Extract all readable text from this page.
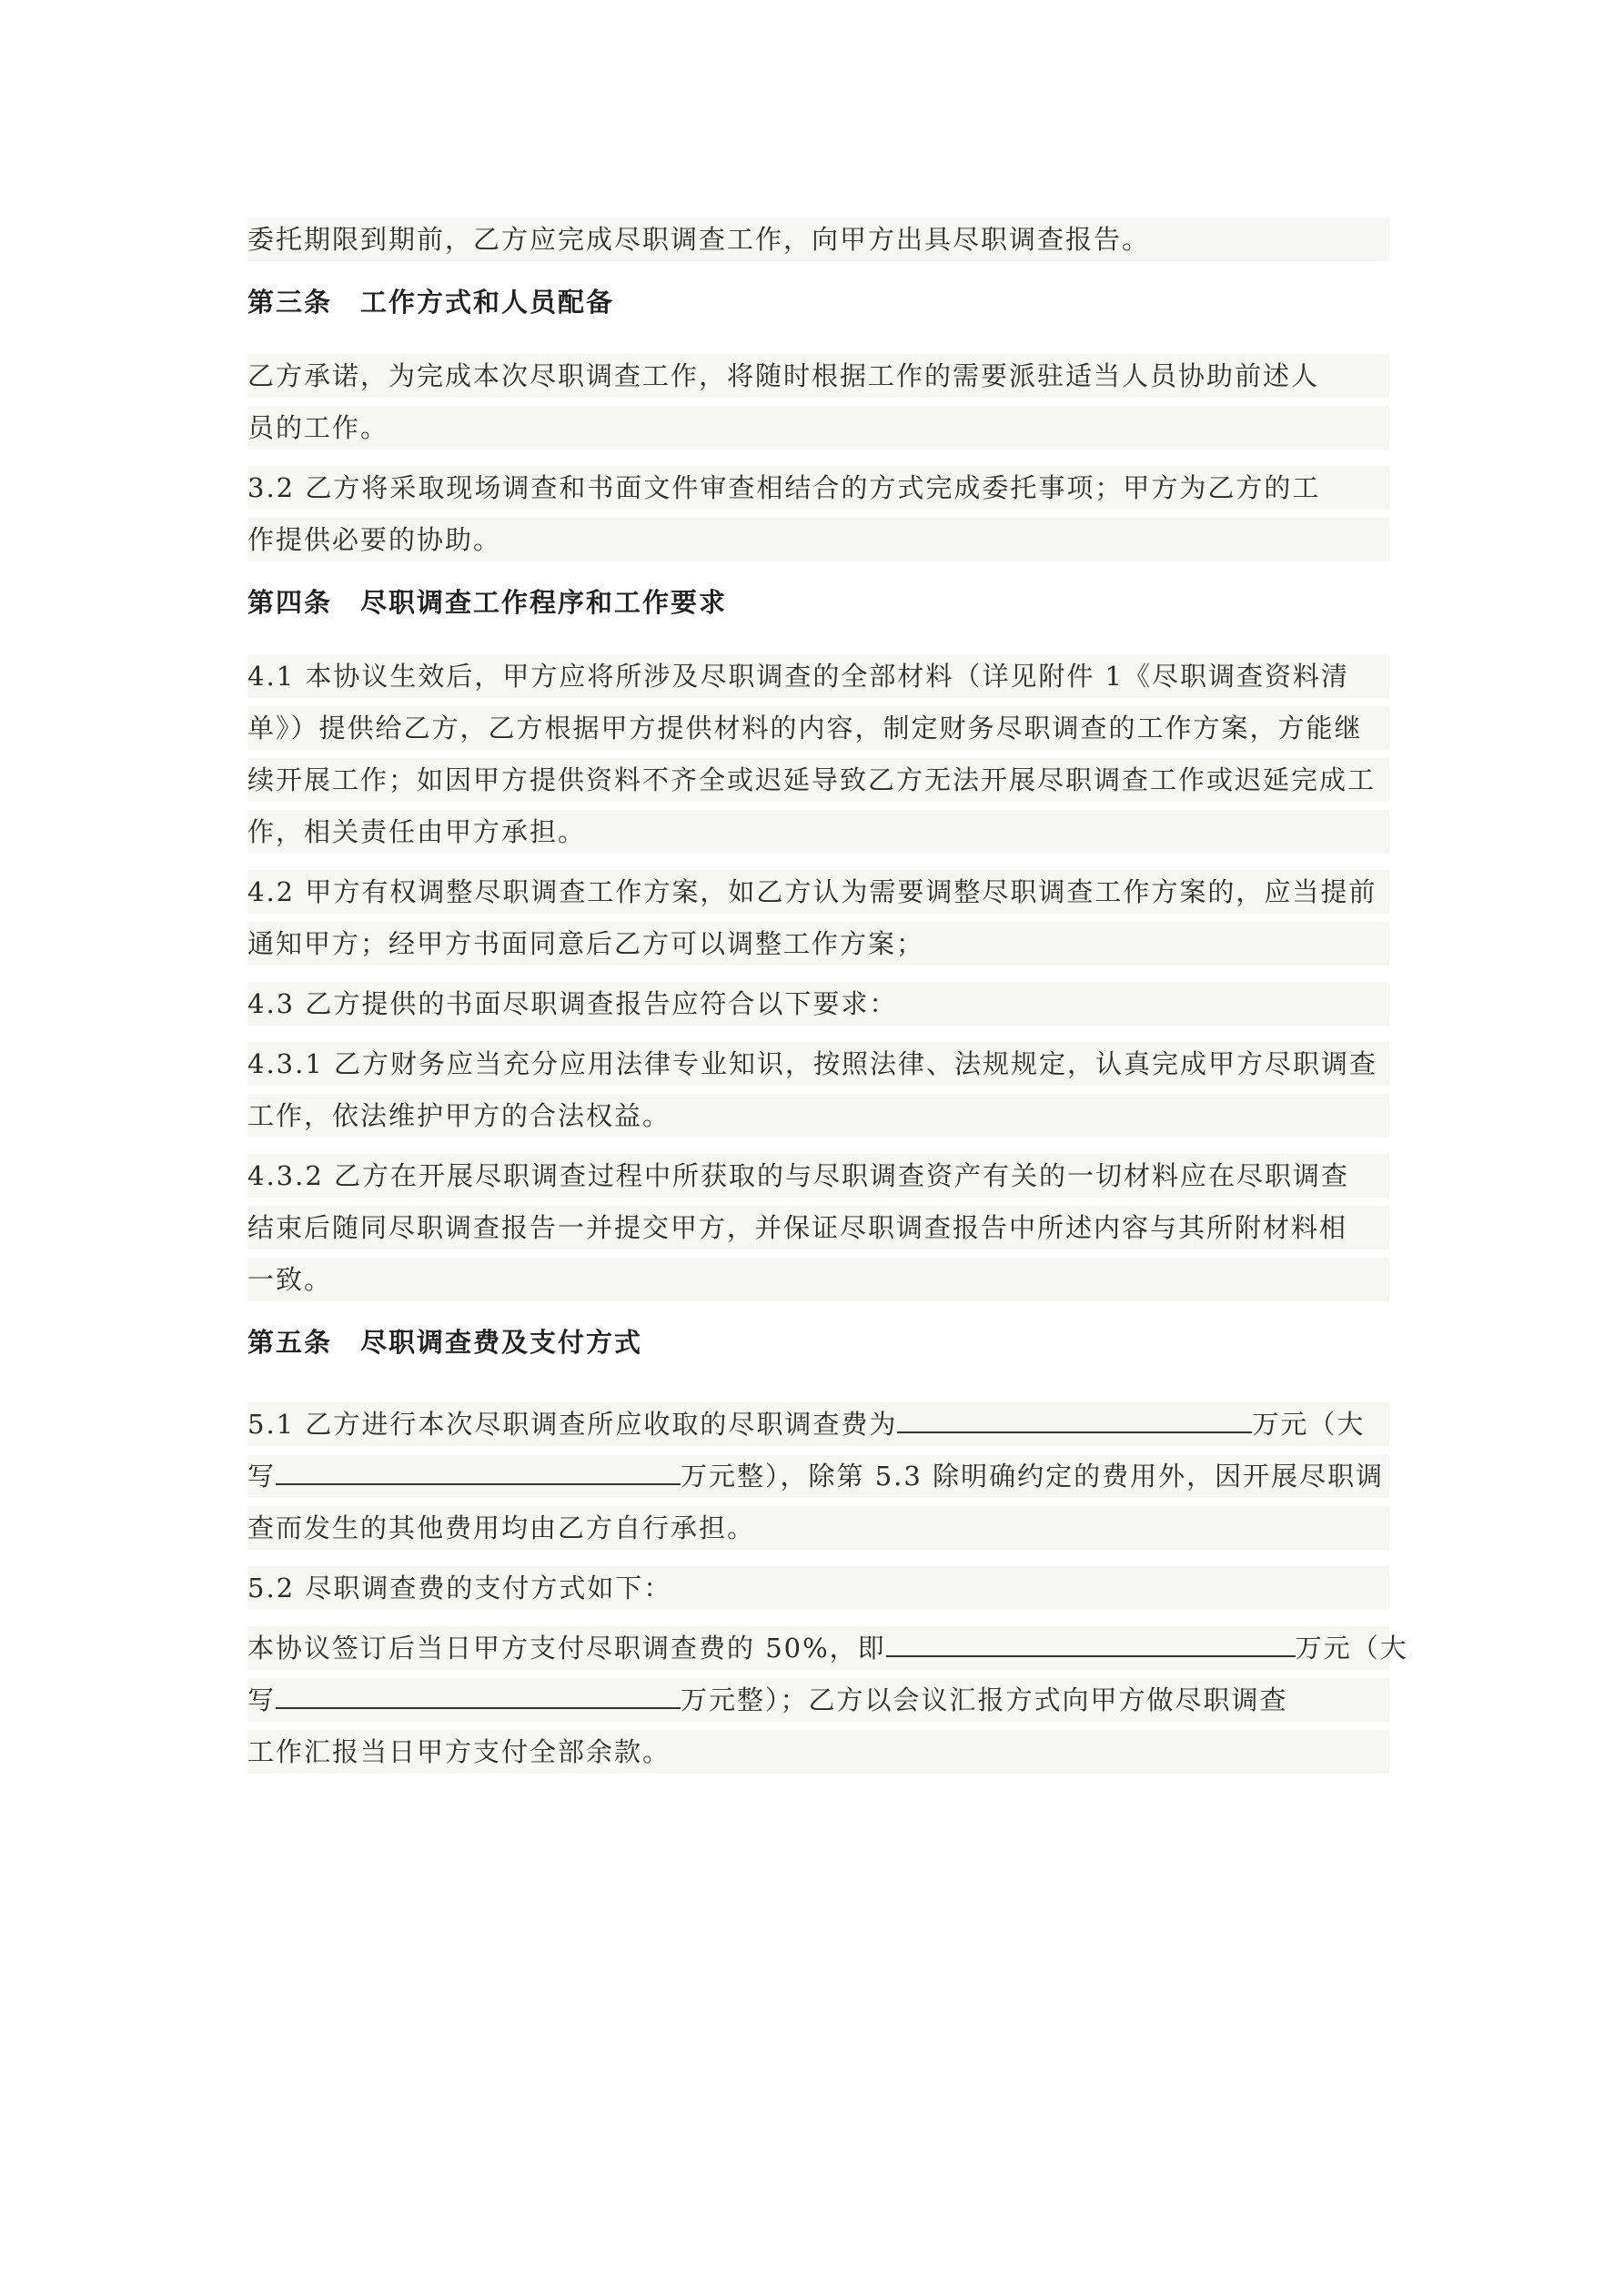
委托期限到期前，乙方应完成尽职调查工作，向甲方出具尽职调查报告。
第三条　工作方式和人员配备
乙方承诺，为完成本次尽职调查工作，将随时根据工作的需要派驻适当人员协助前述人
员的工作。
3.2 乙方将采取现场调查和书面文件审查相结合的方式完成委托事项；甲方为乙方的工
作提供必要的协助。
第四条　尽职调查工作程序和工作要求
4.1 本协议生效后，甲方应将所涉及尽职调查的全部材料（详见附件 1《尽职调查资料清
单》）提供给乙方，乙方根据甲方提供材料的内容，制定财务尽职调查的工作方案，方能继
续开展工作；如因甲方提供资料不齐全或迟延导致乙方无法开展尽职调查工作或迟延完成工
作，相关责任由甲方承担。
4.2 甲方有权调整尽职调查工作方案，如乙方认为需要调整尽职调查工作方案的，应当提前
通知甲方；经甲方书面同意后乙方可以调整工作方案；
4.3 乙方提供的书面尽职调查报告应符合以下要求：
4.3.1 乙方财务应当充分应用法律专业知识，按照法律、法规规定，认真完成甲方尽职调查
工作，依法维护甲方的合法权益。
4.3.2 乙方在开展尽职调查过程中所获取的与尽职调查资产有关的一切材料应在尽职调查
结束后随同尽职调查报告一并提交甲方，并保证尽职调查报告中所述内容与其所附材料相
一致。
第五条　尽职调查费及支付方式
5.1 乙方进行本次尽职调查所应收取的尽职调查费为	万元（大
写	万元整），除第 5.3 除明确约定的费用外，因开展尽职调
查而发生的其他费用均由乙方自行承担。
5.2 尽职调查费的支付方式如下：
本协议签订后当日甲方支付尽职调查费的 50%，即	万元（大
写	万元整）；乙方以会议汇报方式向甲方做尽职调查
工作汇报当日甲方支付全部余款。
